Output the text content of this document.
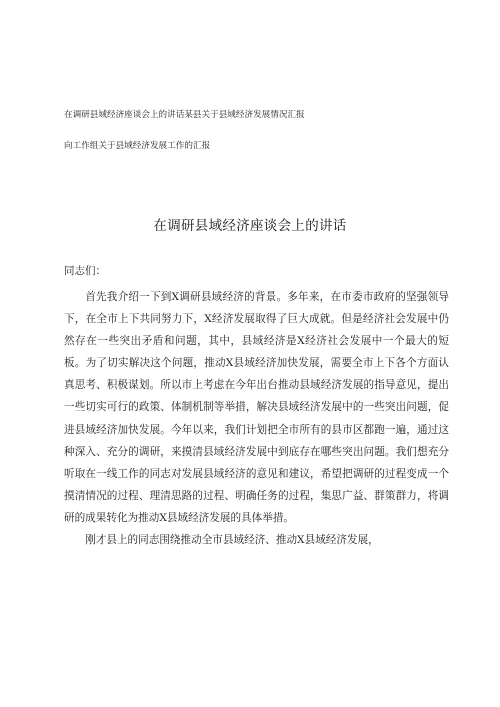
在调研县域经济座谈会上的讲话某县关于县域经济发展情况汇报
向工作组关于县域经济发展工作的汇报
在调研县域经济座谈会上的讲话
同志们：

首先我介绍一下到X调研县域经济的背景。多年来，在市委市政府的坚强领导下，在全市上下共同努力下，X经济发展取得了巨大成就。但是经济社会发展中仍然存在一些突出矛盾和问题，其中，县域经济是X经济社会发展中一个最大的短板。为了切实解决这个问题，推动X县域经济加快发展，需要全市上下各个方面认真思考、积极谋划。所以市上考虑在今年出台推动县域经济发展的指导意见，提出一些切实可行的政策、体制机制等举措，解决县域经济发展中的一些突出问题，促进县域经济加快发展。今年以来，我们计划把全市所有的县市区都跑一遍，通过这种深入、充分的调研，来摸清县域经济发展中到底存在哪些突出问题。我们想充分听取在一线工作的同志对发展县域经济的意见和建议，希望把调研的过程变成一个摸清情况的过程、理清思路的过程、明确任务的过程，集思广益、群策群力，将调研的成果转化为推动X县域经济发展的具体举措。

刚才县上的同志围绕推动全市县域经济、推动X县域经济发展，
